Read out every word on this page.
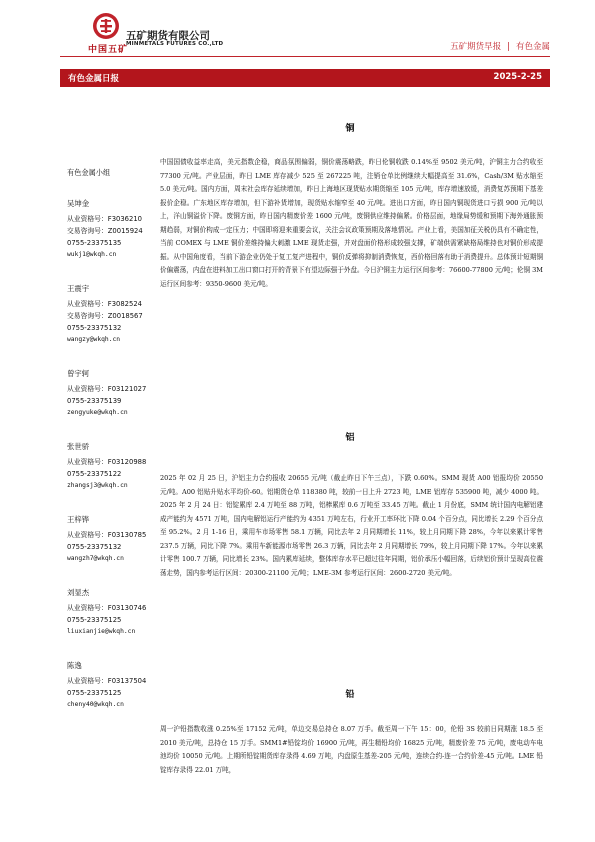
中国五矿
五矿期货有限公司
MINMETALS FUTURES CO.,LTD	五矿期货早报 | 有色金属
有色金属日报	2025-2-25
有色金属小组
吴坤金
从业资格号：F3036210
交易咨询号：Z0015924
0755-23375135
wukj1@wkqh.cn
王震宇
从业资格号：F3082524
交易咨询号：Z0018567
0755-23375132
wangzy@wkqh.cn
曾宇轲
从业资格号：F03121027
0755-23375139
zengyuke@wkqh.cn
张世骄
从业资格号：F03120988
0755-23375122
zhangsj3@wkqh.cn
王梓铧
从业资格号：F03130785
0755-23375132
wangzh7@wkqh.cn
刘显杰
从业资格号：F03130746
0755-23375125
liuxianjie@wkqh.cn
陈逸
从业资格号：F03137504
0755-23375125
cheny40@wkqh.cn
铜

中国国债收益率走高，美元指数企稳，商品氛围偏弱，铜价震荡略跌，昨日伦铜收跌 0.14%至 9502 美元/吨，沪铜主力合约收至 77300 元/吨。产业层面，昨日 LME 库存减少 525 至 267225 吨，注销仓单比例继续大幅提高至 31.6%，Cash/3M 贴水缩至 5.0 美元/吨。国内方面，周末社会库存延续增加，昨日上海地区现货贴水期货缩至 105 元/吨，库存增速放缓，消费复苏预期下基差报价企稳。广东地区库存增加，但下游补货增加，现货贴水缩窄至 40 元/吨。进出口方面，昨日国内铜现货进口亏损 900 元/吨以上，洋山铜溢价下降。废铜方面，昨日国内精废价差 1600 元/吨，废铜供应维持偏紧。价格层面，地缘局势缓和预期下海外通胀预期趋弱，对铜价构成一定压力；中国即将迎来重要会议，关注会议政策预期及落地情况。产业上看，美国加征关税仍具有不确定性，当前 COMEX 与 LME 铜价差维持偏大刺激 LME 现货走强，并对盘面价格形成较强支撑，矿端供需紧缺格局维持也对铜价形成提振。从中国角度看，当前下游企业仍处于复工复产进程中，铜价反弹将抑制消费恢复，西价格回落有助于消费提升。总体预计短期铜价偏震荡，内盘在进料加工出口窗口打开的背景下有望边际强于外盘。今日沪铜主力运行区间参考：76600-77800 元/吨；伦铜 3M 运行区间参考：9350-9600 美元/吨。

铝

2025 年 02 月 25 日，沪铝主力合约报收 20655 元/吨（截止昨日下午三点），下跌 0.60%。SMM 现货 A00 铝报均价 20550 元/吨。A00 铝贴升贴水平均价-60。铝期货仓单 118380 吨，较前一日上升 2723 吨，LME 铝库存 535900 吨，减少 4000 吨。2025 年 2 月 24 日：铝锭累库 2.4 万吨至 88 万吨，铝棒累库 0.6 万吨至 33.45 万吨。截止 1 月份底，SMM 统计国内电解铝建成产能约为 4571 万吨，国内电解铝运行产能约为 4351 万吨左右，行业开工率环比下降 0.04 个百分点，同比增长 2.29 个百分点至 95.2%。2 月 1-16 日，乘用车市场零售 58.1 万辆，同比去年 2 月同期增长 11%，较上月同期下降 28%，今年以来累计零售 237.5 万辆，同比下降 7%。乘用车新能源市场零售 26.3 万辆，同比去年 2 月同期增长 79%，较上月同期下降 17%。今年以来累计零售 100.7 万辆，同比增长 23%。国内累库延续，整体库存水平已超过往年同期，铝价承压小幅回落，后续铝价预计呈现高位震荡走势，国内参考运行区间：20300-21100 元/吨；LME-3M 参考运行区间：2600-2720 美元/吨。

铅

周一沪铅指数收涨 0.25%至 17152 元/吨，单边交易总持仓 8.07 万手。截至周一下午 15：00，伦铅 3S 较前日同期涨 18.5 至 2010 美元/吨，总持仓 15 万手。SMM1#铅锭均价 16900 元/吨，再生精铅均价 16825 元/吨，精废价差 75 元/吨，废电动车电池均价 10050 元/吨。上期所铅锭期货库存录得 4.69 万吨，内盘原生基差-205 元/吨，连续合约-连一合约价差-45 元/吨。LME 铅锭库存录得 22.01 万吨，
